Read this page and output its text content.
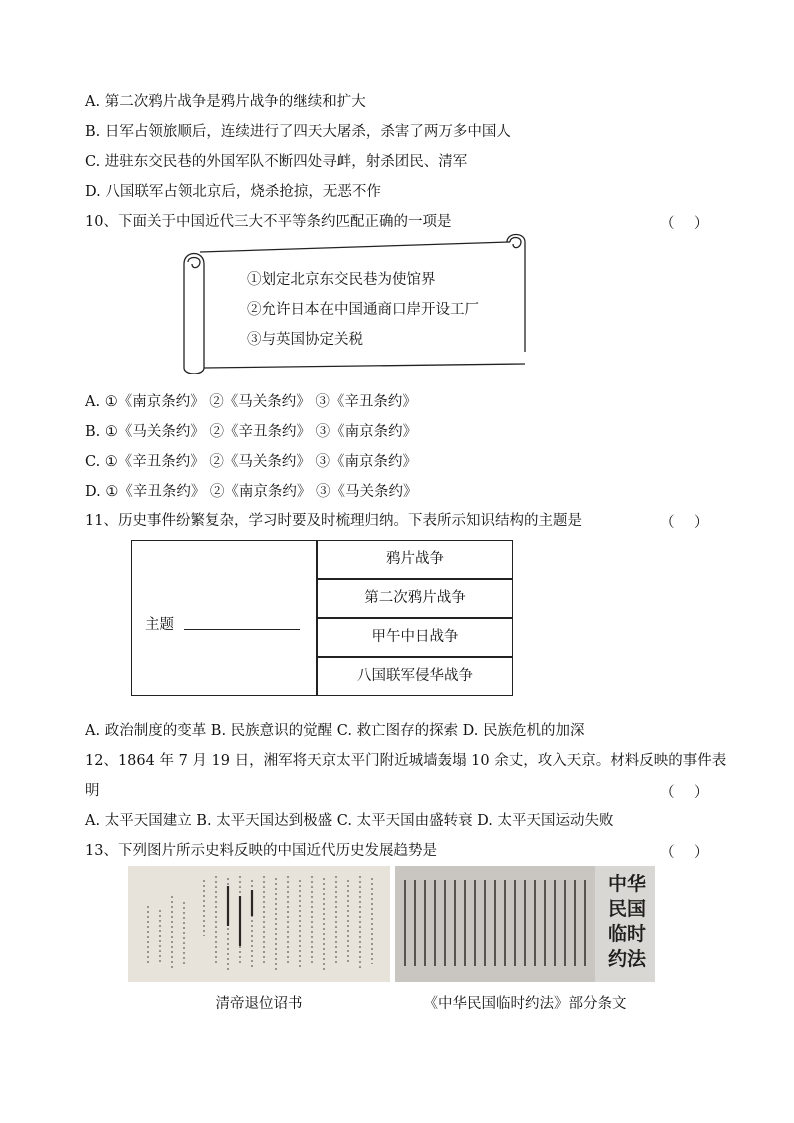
A. 第二次鸦片战争是鸦片战争的继续和扩大
B. 日军占领旅顺后，连续进行了四天大屠杀，杀害了两万多中国人
C. 进驻东交民巷的外国军队不断四处寻衅，射杀团民、清军
D. 八国联军占领北京后，烧杀抢掠，无恶不作
10、下面关于中国近代三大不平等条约匹配正确的一项是	（ ）
①划定北京东交民巷为使馆界
②允许日本在中国通商口岸开设工厂
③与英国协定关税
A. ①《南京条约》 ②《马关条约》 ③《辛丑条约》
B. ①《马关条约》 ②《辛丑条约》 ③《南京条约》
C. ①《辛丑条约》 ②《马关条约》 ③《南京条约》
D. ①《辛丑条约》 ②《南京条约》 ③《马关条约》
11、历史事件纷繁复杂，学习时要及时梳理归纳。下表所示知识结构的主题是	（ ）
主题
鸦片战争
第二次鸦片战争
甲午中日战争
八国联军侵华战争
A. 政治制度的变革 B. 民族意识的觉醒 C. 救亡图存的探索 D. 民族危机的加深
12、1864 年 7 月 19 日，湘军将天京太平门附近城墙轰塌 10 余丈，攻入天京。材料反映的事件表
明	（ ）
A. 太平天国建立 B. 太平天国达到极盛 C. 太平天国由盛转衰 D. 太平天国运动失败
13、下列图片所示史料反映的中国近代历史发展趋势是	（ ）
中华民国临时约法
清帝退位诏书	《中华民国临时约法》部分条文
